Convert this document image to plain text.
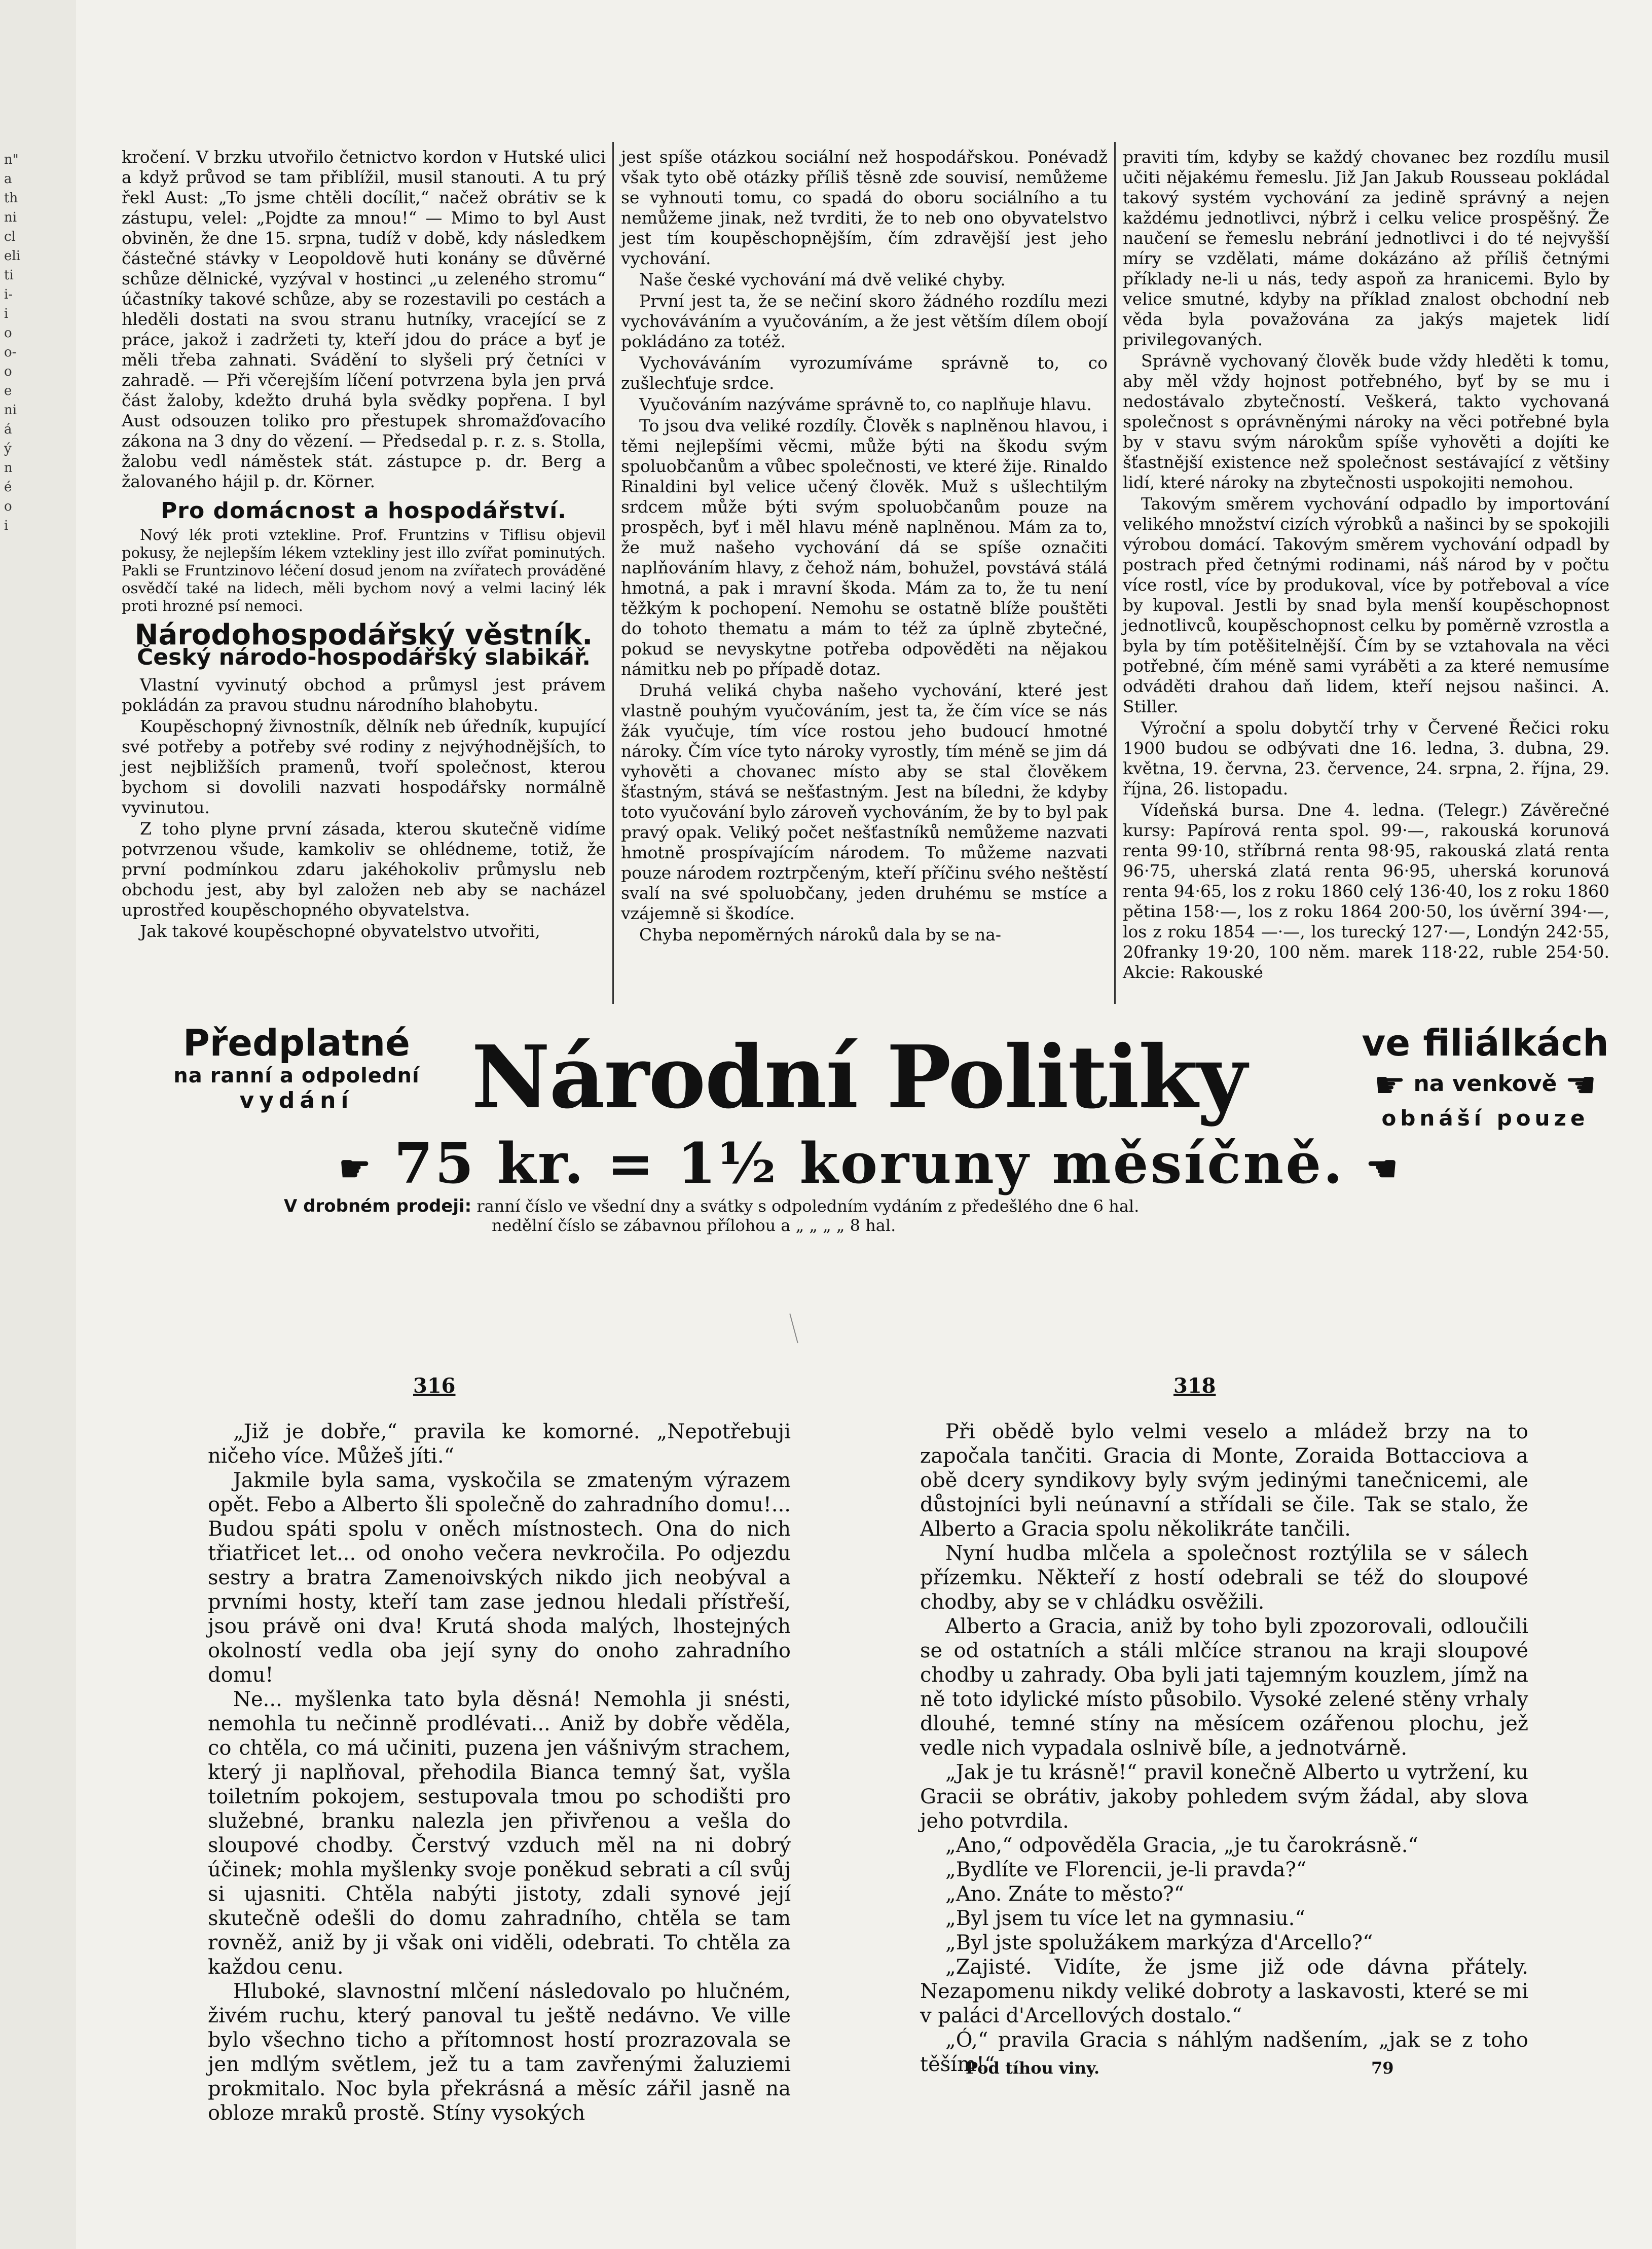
n"
a
th
ni
cl
eli
ti
i-
i
o
o-
o
e
ni
á
ý
n
é
o
i

kročení. V brzku utvořilo četnictvo kordon v Hutské ulici a když průvod se tam přiblížil, musil stanouti. A tu prý řekl Aust: „To jsme chtěli docílit,“ načež obrátiv se k zástupu, velel: „Pojdte za mnou!“ — Mimo to byl Aust obviněn, že dne 15. srpna, tudíž v době, kdy následkem částečné stávky v Leopoldově huti konány se důvěrné schůze dělnické, vyzýval v hostinci „u zeleného stromu“ účastníky takové schůze, aby se rozestavili po cestách a hleděli dostati na svou stranu hutníky, vracející se z práce, jakož i zadržeti ty, kteří jdou do práce a byť je měli třeba zahnati. Svádění to slyšeli prý četníci v zahradě. — Při včerejším líčení potvrzena byla jen prvá část žaloby, kdežto druhá byla svědky popřena. I byl Aust odsouzen toliko pro přestupek shromažďovacího zákona na 3 dny do vězení. — Předsedal p. r. z. s. Stolla, žalobu vedl náměstek stát. zástupce p. dr. Berg a žalovaného hájil p. dr. Körner.

Pro domácnost a hospodářství.

Nový lék proti vztekline. Prof. Fruntzins v Tiflisu objevil pokusy, že nejlepším lékem vztekliny jest illo zvířat pominutých. Pakli se Fruntzinovo léčení dosud jenom na zvířatech prováděné osvědčí také na lidech, měli bychom nový a velmi laciný lék proti hrozné psí nemoci.

Národohospodářský věstník.
Český národo-hospodářský slabikář.

Vlastní vyvinutý obchod a průmysl jest právem pokládán za pravou studnu národního blahobytu.

Koupěschopný živnostník, dělník neb úředník, kupující své potřeby a potřeby své rodiny z nejvýhodnějších, to jest nejbližších pramenů, tvoří společnost, kterou bychom si dovolili nazvati hospodářsky normálně vyvinutou.

Z toho plyne první zásada, kterou skutečně vidíme potvrzenou všude, kamkoliv se ohlédneme, totiž, že první podmínkou zdaru jakéhokoliv průmyslu neb obchodu jest, aby byl založen neb aby se nacházel uprostřed koupěschopného obyvatelstva.

Jak takové koupěschopné obyvatelstvo utvořiti,

jest spíše otázkou sociální než hospodářskou. Ponévadž však tyto obě otázky příliš těsně zde souvisí, nemůžeme se vyhnouti tomu, co spadá do oboru sociálního a tu nemůžeme jinak, než tvrditi, že to neb ono obyvatelstvo jest tím koupěschopnějším, čím zdravější jest jeho vychování.

Naše české vychování má dvě veliké chyby.

První jest ta, že se nečiní skoro žádného rozdílu mezi vychováváním a vyučováním, a že jest větším dílem obojí pokládáno za totéž.

Vychováváním vyrozumíváme správně to, co zušlechťuje srdce.

Vyučováním nazýváme správně to, co naplňuje hlavu.

To jsou dva veliké rozdíly. Člověk s naplněnou hlavou, i těmi nejlepšími věcmi, může býti na škodu svým spoluobčanům a vůbec společnosti, ve které žije. Rinaldo Rinaldini byl velice učený člověk. Muž s ušlechtilým srdcem může býti svým spoluobčanům pouze na prospěch, byť i měl hlavu méně naplněnou. Mám za to, že muž našeho vychování dá se spíše označiti naplňováním hlavy, z čehož nám, bohužel, povstává stálá hmotná, a pak i mravní škoda. Mám za to, že tu není těžkým k pochopení. Nemohu se ostatně blíže pouštěti do tohoto thematu a mám to též za úplně zbytečné, pokud se nevyskytne potřeba odpověděti na nějakou námitku neb po případě dotaz.

Druhá veliká chyba našeho vychování, které jest vlastně pouhým vyučováním, jest ta, že čím více se nás žák vyučuje, tím více rostou jeho budoucí hmotné nároky. Čím více tyto nároky vyrostly, tím méně se jim dá vyhověti a chovanec místo aby se stal člověkem šťastným, stává se nešťastným. Jest na bíledni, že kdyby toto vyučování bylo zároveň vychováním, že by to byl pak pravý opak. Veliký počet nešťastníků nemůžeme nazvati hmotně prospívajícím národem. To můžeme nazvati pouze národem roztrpčeným, kteří příčinu svého neštěstí svalí na své spoluobčany, jeden druhému se mstíce a vzájemně si škodíce.

Chyba nepoměrných nároků dala by se na-

praviti tím, kdyby se každý chovanec bez rozdílu musil učiti nějakému řemeslu. Již Jan Jakub Rousseau pokládal takový systém vychování za jedině správný a nejen každému jednotlivci, nýbrž i celku velice prospěšný. Že naučení se řemeslu nebrání jednotlivci i do té nejvyšší míry se vzdělati, máme dokázáno až příliš četnými příklady ne-li u nás, tedy aspoň za hranicemi. Bylo by velice smutné, kdyby na příklad znalost obchodní neb věda byla považována za jakýs majetek lidí privilegovaných.

Správně vychovaný člověk bude vždy hleděti k tomu, aby měl vždy hojnost potřebného, byť by se mu i nedostávalo zbytečností. Veškerá, takto vychovaná společnost s oprávněnými nároky na věci potřebné byla by v stavu svým nárokům spíše vyhověti a dojíti ke šťastnější existence než společnost sestávající z většiny lidí, které nároky na zbytečnosti uspokojiti nemohou.

Takovým směrem vychování odpadlo by importování velikého množství cizích výrobků a našinci by se spokojili výrobou domácí. Takovým směrem vychování odpadl by postrach před četnými rodinami, náš národ by v počtu více rostl, více by produkoval, více by potřeboval a více by kupoval. Jestli by snad byla menší koupěschopnost jednotlivců, koupěschopnost celku by poměrně vzrostla a byla by tím potěšitelnější. Čím by se vztahovala na věci potřebné, čím méně sami vyráběti a za které nemusíme odváděti drahou daň lidem, kteří nejsou našinci. A. Stiller.

Výroční a spolu dobytčí trhy v Červené Řečici roku 1900 budou se odbývati dne 16. ledna, 3. dubna, 29. května, 19. června, 23. července, 24. srpna, 2. října, 29. října, 26. listopadu.

Vídeňská bursa. Dne 4. ledna. (Telegr.) Závěrečné kursy: Papírová renta spol. 99·—, rakouská korunová renta 99·10, stříbrná renta 98·95, rakouská zlatá renta 96·75, uherská zlatá renta 96·95, uherská korunová renta 94·65, los z roku 1860 celý 136·40, los z roku 1860 pětina 158·—, los z roku 1864 200·50, los úvěrní 394·—, los z roku 1854 —·—, los turecký 127·—, Londýn 242·55, 20franky 19·20, 100 něm. marek 118·22, ruble 254·50. Akcie: Rakouské

Předplatné
na ranní a odpolední
vydání	Národní Politiky	ve filiálkách
☛ na venkově ☚
obnáší pouze
☛ 75 kr. = 1½ koruny měsíčně. ☚
V drobném prodeji: ranní číslo ve všední dny a svátky s odpoledním vydáním z předešlého dne 6 hal.
nedělní číslo se zábavnou přílohou a „ „ „ „ 8 hal.
316	318

„Již je dobře,“ pravila ke komorné. „Nepotřebuji ničeho více. Můžeš jíti.“

Jakmile byla sama, vyskočila se zmateným výrazem opět. Febo a Alberto šli společně do zahradního domu!... Budou spáti spolu v oněch místnostech. Ona do nich třiatřicet let... od onoho večera nevkročila. Po odjezdu sestry a bratra Zamenoivských nikdo jich neobýval a prvními hosty, kteří tam zase jednou hledali přístřeší, jsou právě oni dva! Krutá shoda malých, lhostejných okolností vedla oba její syny do onoho zahradního domu!

Ne... myšlenka tato byla děsná! Nemohla ji snésti, nemohla tu nečinně prodlévati... Aniž by dobře věděla, co chtěla, co má učiniti, puzena jen vášnivým strachem, který ji naplňoval, přehodila Bianca temný šat, vyšla toiletním pokojem, sestupovala tmou po schodišti pro služebné, branku nalezla jen přivřenou a vešla do sloupové chodby. Čerstvý vzduch měl na ni dobrý účinek; mohla myšlenky svoje poněkud sebrati a cíl svůj si ujasniti. Chtěla nabýti jistoty, zdali synové její skutečně odešli do domu zahradního, chtěla se tam rovněž, aniž by ji však oni viděli, odebrati. To chtěla za každou cenu.

Hluboké, slavnostní mlčení následovalo po hlučném, živém ruchu, který panoval tu ještě nedávno. Ve ville bylo všechno ticho a přítomnost hostí prozrazovala se jen mdlým světlem, jež tu a tam zavřenými žaluziemi prokmitalo. Noc byla překrásná a měsíc zářil jasně na obloze mraků prostě. Stíny vysokých

Při obědě bylo velmi veselo a mládež brzy na to započala tančiti. Gracia di Monte, Zoraida Bottacciova a obě dcery syndikovy byly svým jedinými tanečnicemi, ale důstojníci byli neúnavní a střídali se čile. Tak se stalo, že Alberto a Gracia spolu několikráte tančili.

Nyní hudba mlčela a společnost roztýlila se v sálech přízemku. Někteří z hostí odebrali se též do sloupové chodby, aby se v chládku osvěžili.

Alberto a Gracia, aniž by toho byli zpozorovali, odloučili se od ostatních a stáli mlčíce stranou na kraji sloupové chodby u zahrady. Oba byli jati tajemným kouzlem, jímž na ně toto idylické místo působilo. Vysoké zelené stěny vrhaly dlouhé, temné stíny na měsícem ozářenou plochu, jež vedle nich vypadala oslnivě bíle, a jednotvárně.

„Jak je tu krásně!“ pravil konečně Alberto u vytržení, ku Gracii se obrátiv, jakoby pohledem svým žádal, aby slova jeho potvrdila.

„Ano,“ odpověděla Gracia, „je tu čarokrásně.“

„Bydlíte ve Florencii, je-li pravda?“

„Ano. Znáte to město?“

„Byl jsem tu více let na gymnasiu.“

„Byl jste spolužákem markýza d'Arcello?“

„Zajisté. Vidíte, že jsme již ode dávna přátely. Nezapomenu nikdy veliké dobroty a laskavosti, které se mi v paláci d'Arcellových dostalo.“

„Ó,“ pravila Gracia s náhlým nadšením, „jak se z toho těším!“

Pod tíhou viny.	79
